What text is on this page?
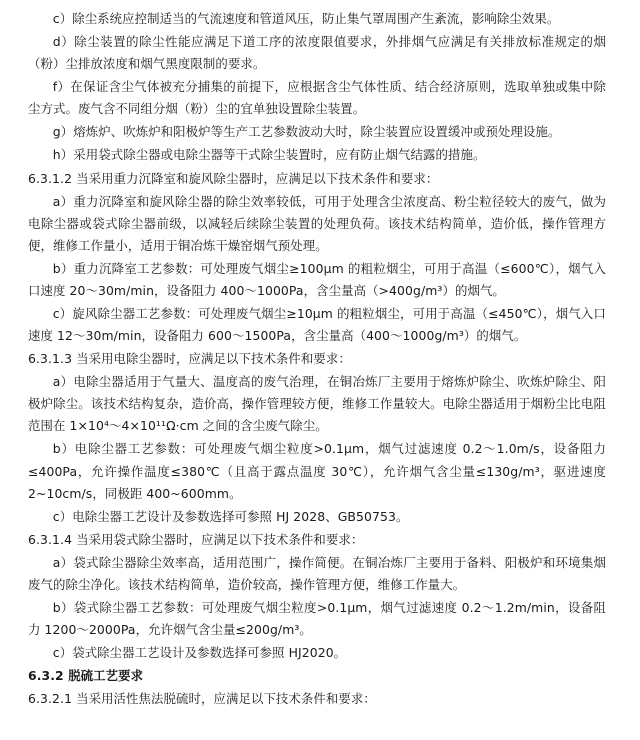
c）除尘系统应控制适当的气流速度和管道风压，防止集气罩周围产生紊流，影响除尘效果。

d）除尘装置的除尘性能应满足下道工序的浓度限值要求，外排烟气应满足有关排放标准规定的烟（粉）尘排放浓度和烟气黑度限制的要求。

f）在保证含尘气体被充分捕集的前提下，应根据含尘气体性质、结合经济原则，选取单独或集中除尘方式。废气含不同组分烟（粉）尘的宜单独设置除尘装置。

g）熔炼炉、吹炼炉和阳极炉等生产工艺参数波动大时，除尘装置应设置缓冲或预处理设施。

h）采用袋式除尘器或电除尘器等干式除尘装置时，应有防止烟气结露的措施。

6.3.1.2 当采用重力沉降室和旋风除尘器时，应满足以下技术条件和要求：

a）重力沉降室和旋风除尘器的除尘效率较低，可用于处理含尘浓度高、粉尘粒径较大的废气，做为电除尘器或袋式除尘器前级，以减轻后续除尘装置的处理负荷。该技术结构简单，造价低，操作管理方便，维修工作量小，适用于铜冶炼干燥窑烟气预处理。

b）重力沉降室工艺参数：可处理废气烟尘≥100μm 的粗粒烟尘，可用于高温（≤600℃），烟气入口速度 20～30m/min，设备阻力 400～1000Pa，含尘量高（>400g/m³）的烟气。

c）旋风除尘器工艺参数：可处理废气烟尘≥10μm 的粗粒烟尘，可用于高温（≤450℃），烟气入口速度 12～30m/min，设备阻力 600～1500Pa，含尘量高（400～1000g/m³）的烟气。

6.3.1.3 当采用电除尘器时，应满足以下技术条件和要求：

a）电除尘器适用于气量大、温度高的废气治理，在铜冶炼厂主要用于熔炼炉除尘、吹炼炉除尘、阳极炉除尘。该技术结构复杂，造价高，操作管理较方便，维修工作量较大。电除尘器适用于烟粉尘比电阻范围在 1×10⁴～4×10¹¹Ω·cm 之间的含尘废气除尘。

b）电除尘器工艺参数：可处理废气烟尘粒度>0.1μm，烟气过滤速度 0.2～1.0m/s，设备阻力≤400Pa，允许操作温度≤380℃（且高于露点温度 30℃），允许烟气含尘量≤130g/m³，驱进速度 2~10cm/s，同极距 400~600mm。

c）电除尘器工艺设计及参数选择可参照 HJ 2028、GB50753。

6.3.1.4 当采用袋式除尘器时，应满足以下技术条件和要求：

a）袋式除尘器除尘效率高，适用范围广，操作简便。在铜冶炼厂主要用于备料、阳极炉和环境集烟废气的除尘净化。该技术结构简单，造价较高，操作管理方便，维修工作量大。

b）袋式除尘器工艺参数：可处理废气烟尘粒度>0.1μm，烟气过滤速度 0.2～1.2m/min，设备阻力 1200～2000Pa，允许烟气含尘量≤200g/m³。

c）袋式除尘器工艺设计及参数选择可参照 HJ2020。

6.3.2 脱硫工艺要求

6.3.2.1 当采用活性焦法脱硫时，应满足以下技术条件和要求：
